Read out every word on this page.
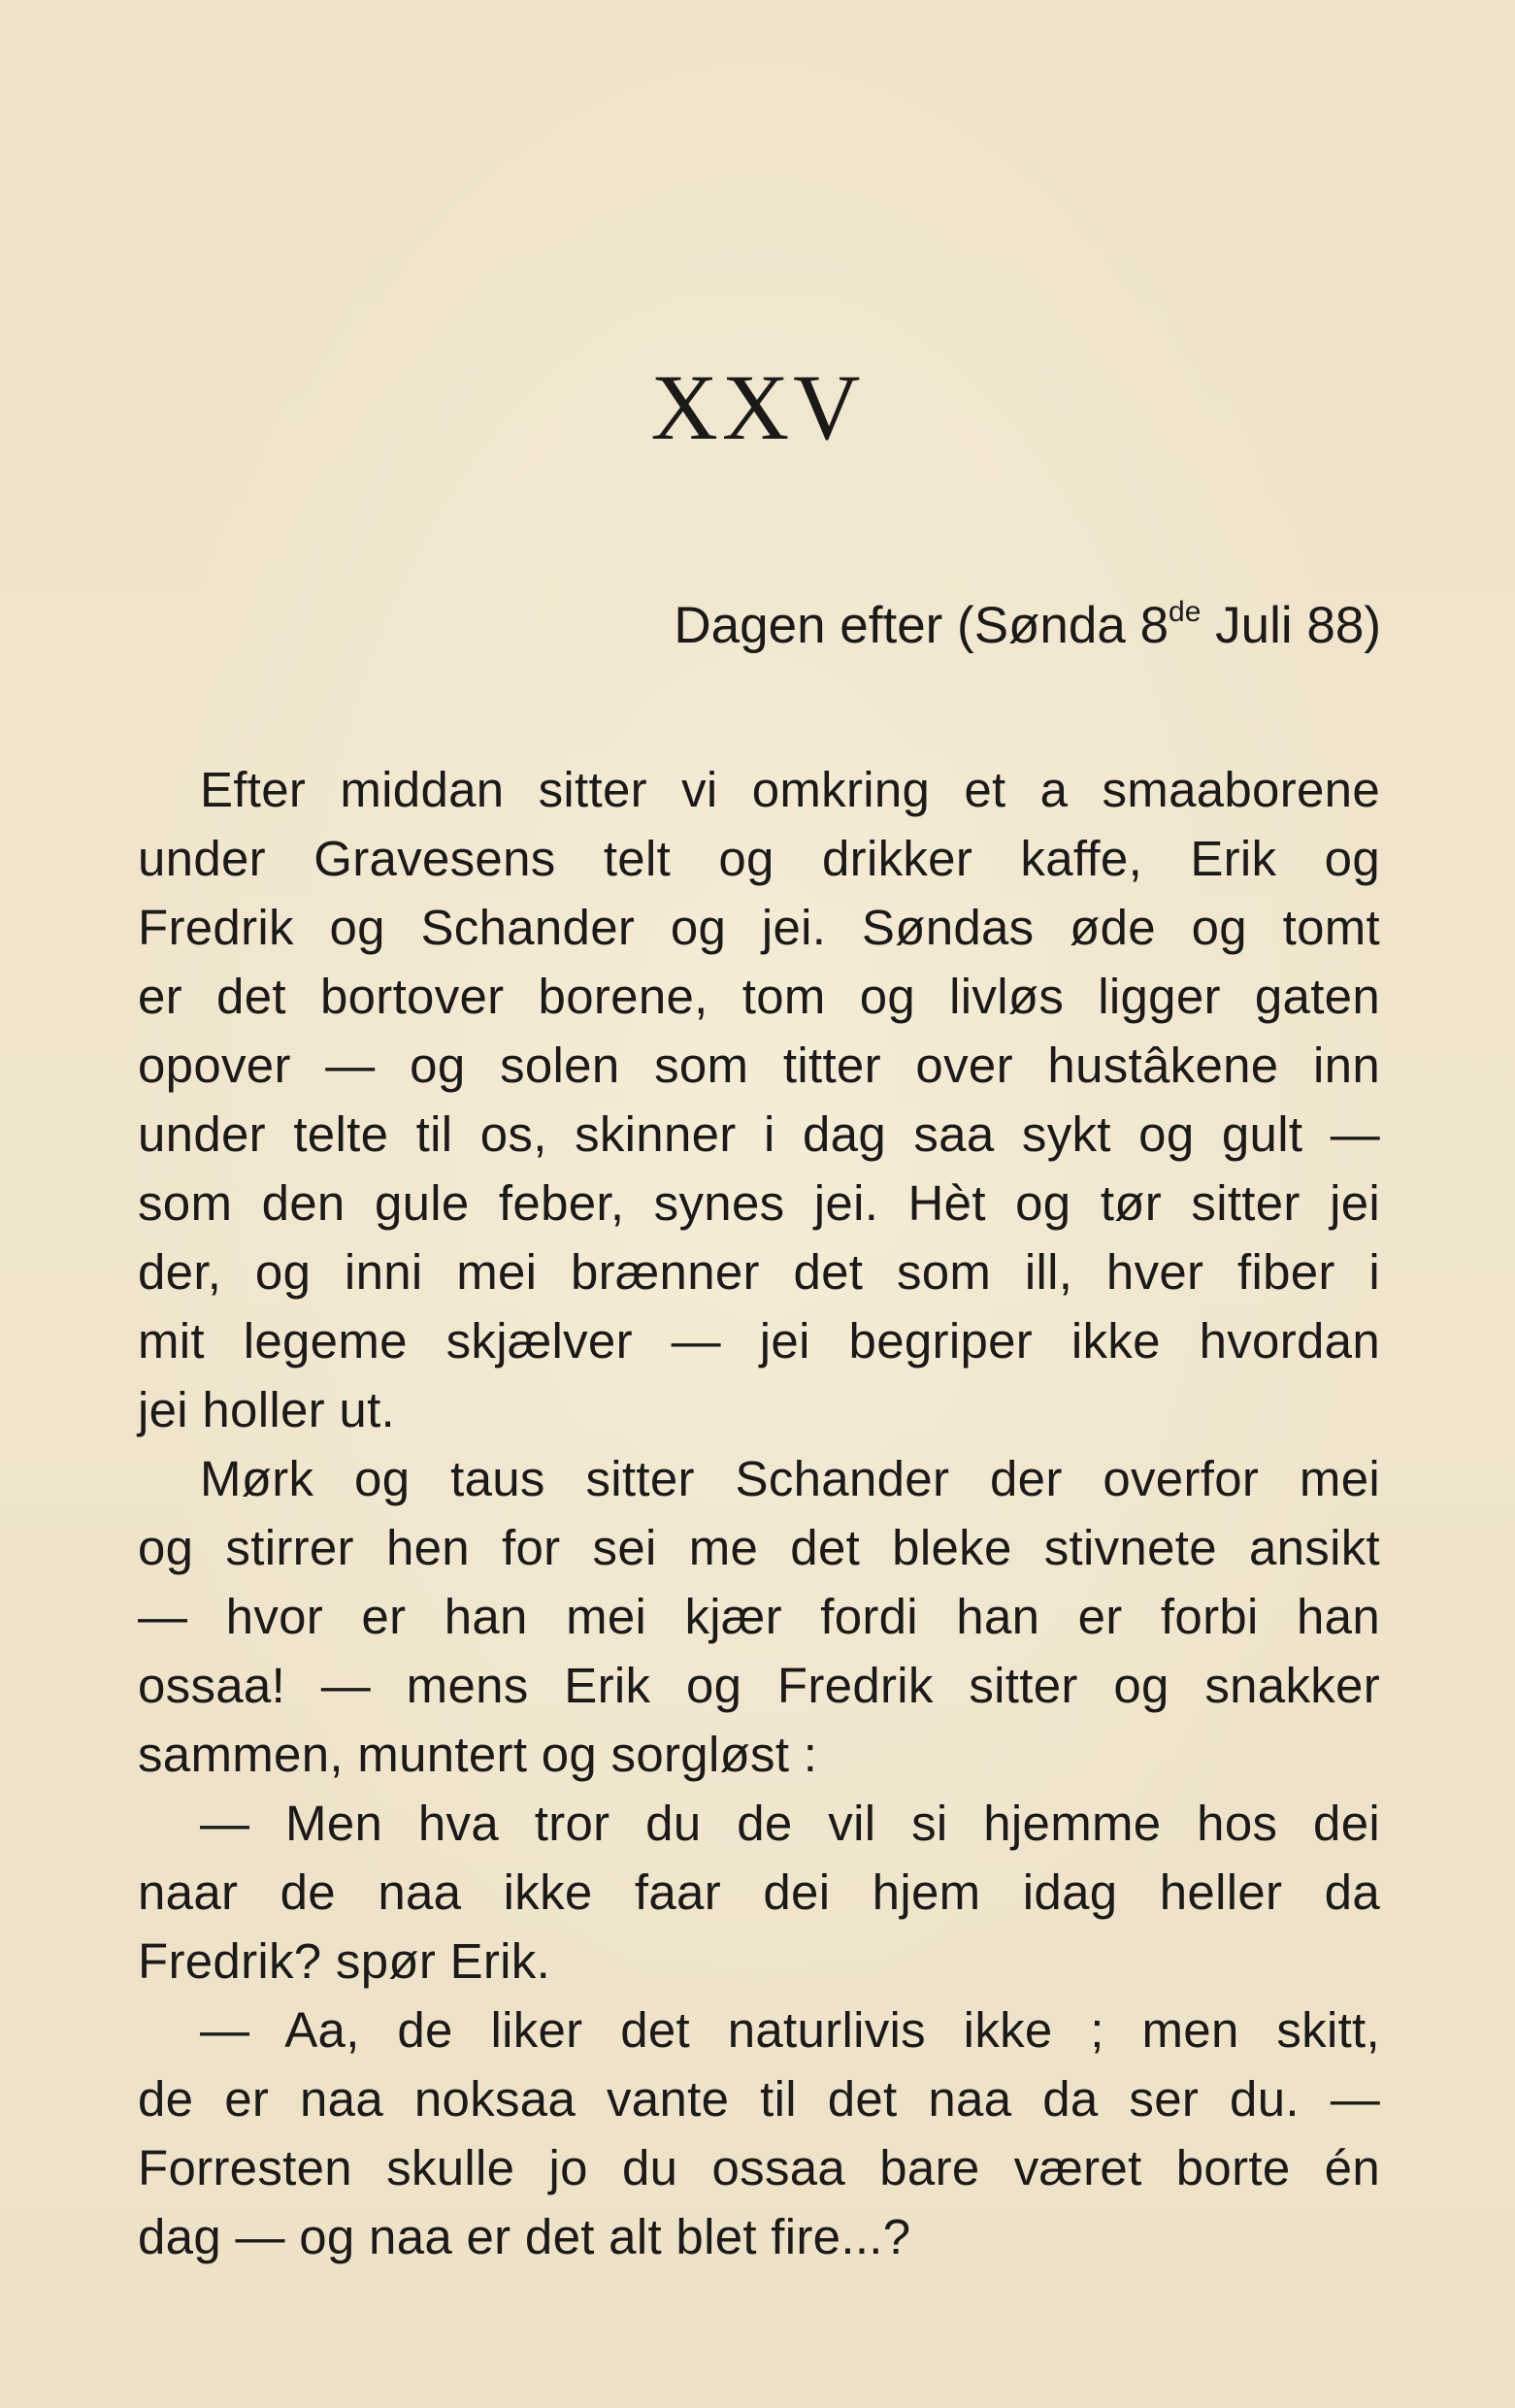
XXV
Dagen efter (Sønda 8de Juli 88)
Efter middan sitter vi omkring et a smaaborene
under Gravesens telt og drikker kaffe, Erik og
Fredrik og Schander og jei. Søndas øde og tomt
er det bortover borene, tom og livløs ligger gaten
opover — og solen som titter over hustâkene inn
under telte til os, skinner i dag saa sykt og gult —
som den gule feber, synes jei. Hèt og tør sitter jei
der, og inni mei brænner det som ill, hver fiber i
mit legeme skjælver — jei begriper ikke hvordan
jei holler ut.
Mørk og taus sitter Schander der overfor mei
og stirrer hen for sei me det bleke stivnete ansikt
— hvor er han mei kjær fordi han er forbi han
ossaa! — mens Erik og Fredrik sitter og snakker
sammen, muntert og sorgløst :
— Men hva tror du de vil si hjemme hos dei
naar de naa ikke faar dei hjem idag heller da
Fredrik? spør Erik.
— Aa, de liker det naturlivis ikke ; men skitt,
de er naa noksaa vante til det naa da ser du. —
Forresten skulle jo du ossaa bare været borte én
dag — og naa er det alt blet fire...?
